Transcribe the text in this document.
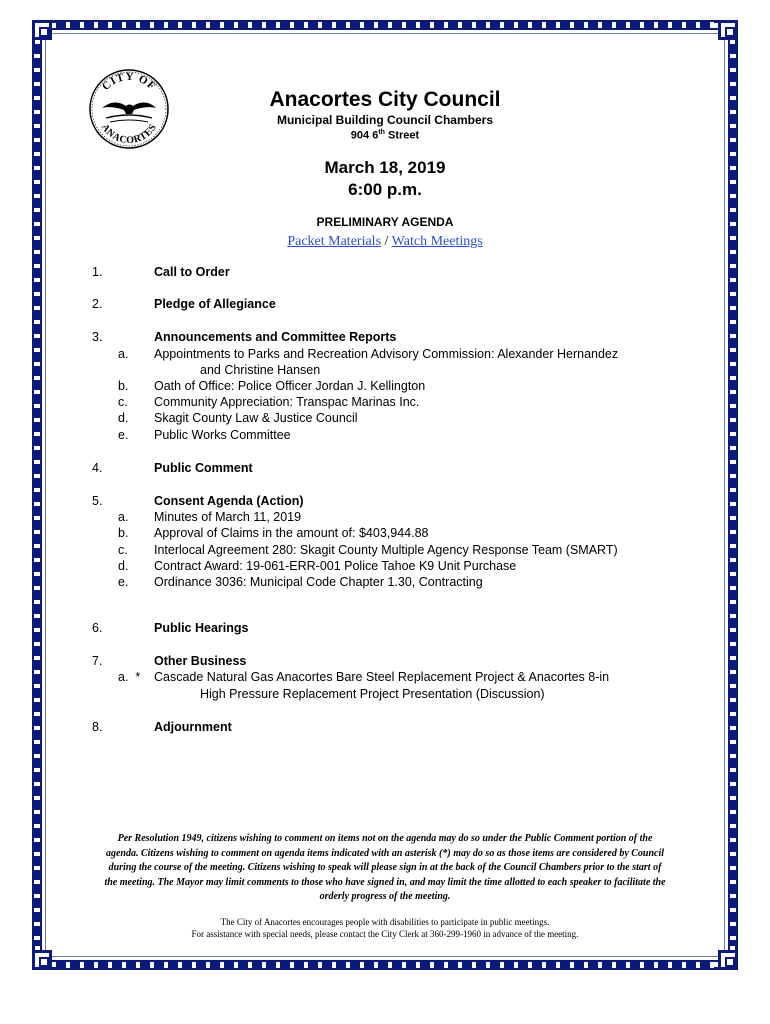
CITY OF
ANACORTES
Anacortes City Council
Municipal Building Council Chambers
904 6th Street
March 18, 2019
6:00 p.m.
PRELIMINARY AGENDA
Packet Materials / Watch Meetings
1.	Call to Order
2.	Pledge of Allegiance
3.	Announcements and Committee Reports
a. Appointments to Parks and Recreation Advisory Commission: Alexander Hernandez
and Christine Hansen
b. Oath of Office: Police Officer Jordan J. Kellington
c. Community Appreciation: Transpac Marinas Inc.
d. Skagit County Law & Justice Council
e. Public Works Committee
4.	Public Comment
5.	Consent Agenda (Action)
a. Minutes of March 11, 2019
b. Approval of Claims in the amount of: $403,944.88
c. Interlocal Agreement 280: Skagit County Multiple Agency Response Team (SMART)
d. Contract Award: 19-061-ERR-001 Police Tahoe K9 Unit Purchase
e. Ordinance 3036: Municipal Code Chapter 1.30, Contracting
6.	Public Hearings
7.	Other Business
a.  * Cascade Natural Gas Anacortes Bare Steel Replacement Project & Anacortes 8-in
High Pressure Replacement Project Presentation (Discussion)
8.	Adjournment
Per Resolution 1949, citizens wishing to comment on items not on the agenda may do so under the Public Comment portion of the
agenda. Citizens wishing to comment on agenda items indicated with an asterisk (*) may do so as those items are considered by Council
during the course of the meeting. Citizens wishing to speak will please sign in at the back of the Council Chambers prior to the start of
the meeting. The Mayor may limit comments to those who have signed in, and may limit the time allotted to each speaker to facilitate the
orderly progress of the meeting.
The City of Anacortes encourages people with disabilities to participate in public meetings.
For assistance with special needs, please contact the City Clerk at 360-299-1960 in advance of the meeting.
